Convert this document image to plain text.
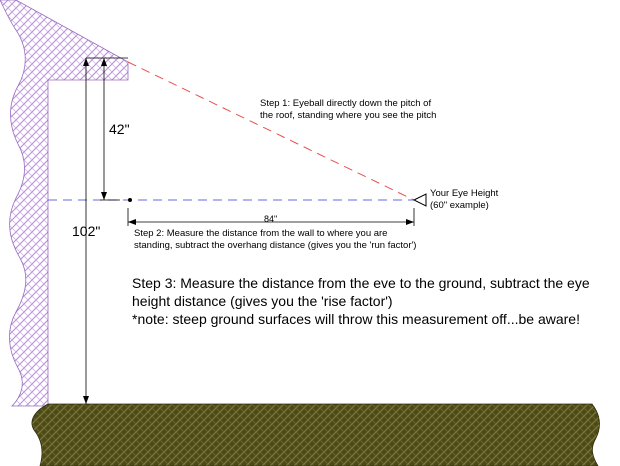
Step 1: Eyeball directly down the pitch of
the roof, standing where you see the pitch
Your Eye Height
(60" example)
Step 2: Measure the distance from the wall to where you are
standing, subtract the overhang distance (gives you the 'run factor')
42"
84"
102"
Step 3: Measure the distance from the eve to the ground, subtract the eye
height distance (gives you the 'rise factor')
*note: steep ground surfaces will throw this measurement off...be aware!
